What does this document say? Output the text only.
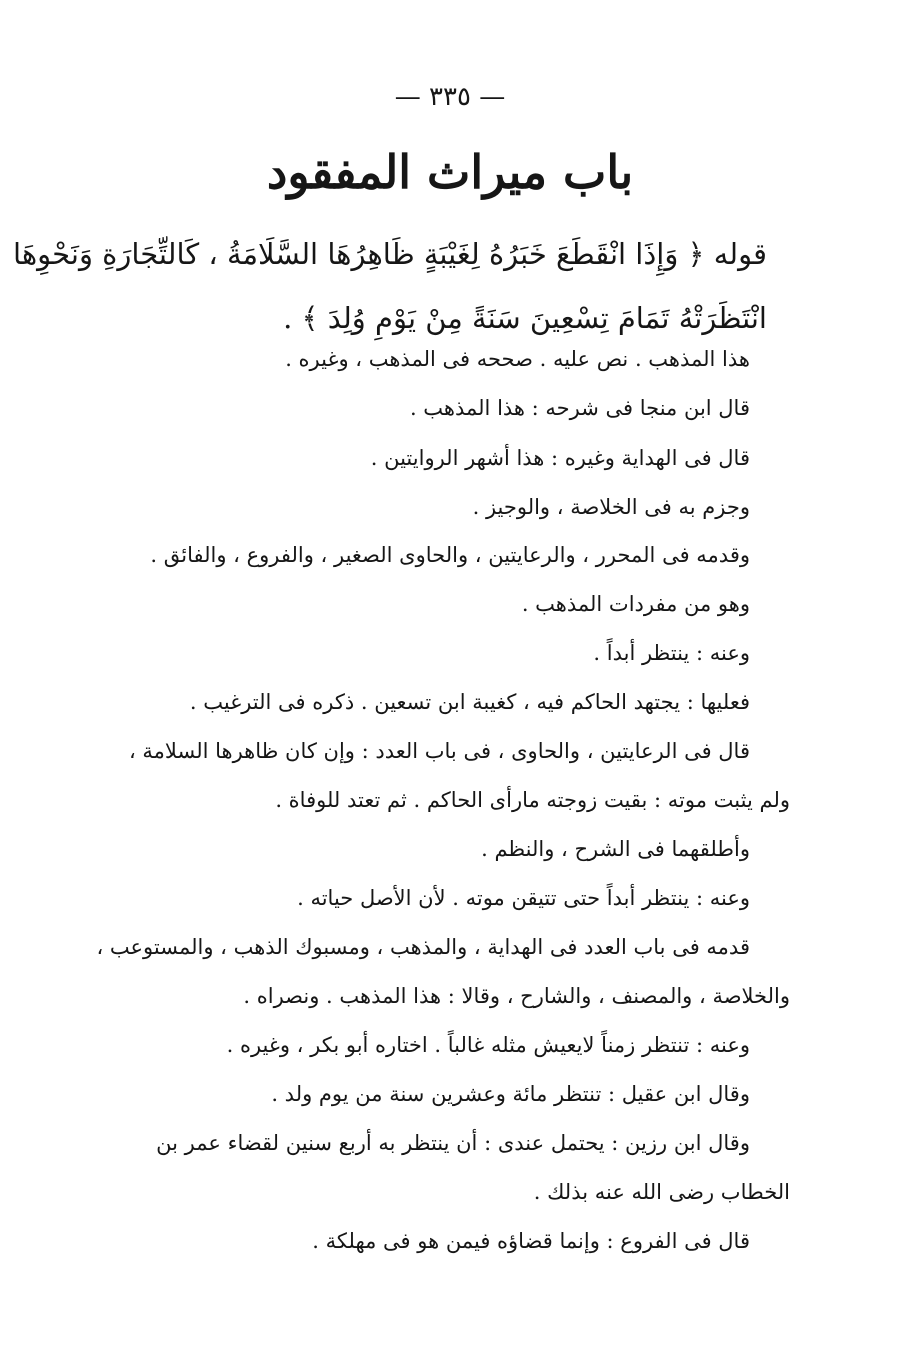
— ٣٣٥ —
باب ميراث المفقود
قوله ﴿ وَإِذَا انْقَطَعَ خَبَرُهُ لِغَيْبَةٍ ظَاهِرُهَا السَّلَامَةُ ، كَالتِّجَارَةِ وَنَحْوِهَا
انْتَظَرَتْهُ تَمَامَ تِسْعِينَ سَنَةً مِنْ يَوْمِ وُلِدَ ﴾ .
هذا المذهب . نص عليه . صححه فى المذهب ، وغيره .
قال ابن منجا فى شرحه : هذا المذهب .
قال فى الهداية وغيره : هذا أشهر الروايتين .
وجزم به فى الخلاصة ، والوجيز .
وقدمه فى المحرر ، والرعايتين ، والحاوى الصغير ، والفروع ، والفائق .
وهو من مفردات المذهب .
وعنه : ينتظر أبداً .
فعليها : يجتهد الحاكم فيه ، كغيبة ابن تسعين . ذكره فى الترغيب .
قال فى الرعايتين ، والحاوى ، فى باب العدد : وإن كان ظاهرها السلامة ،
ولم يثبت موته : بقيت زوجته مارأى الحاكم . ثم تعتد للوفاة .
وأطلقهما فى الشرح ، والنظم .
وعنه : ينتظر أبداً حتى تتيقن موته . لأن الأصل حياته .
قدمه فى باب العدد فى الهداية ، والمذهب ، ومسبوك الذهب ، والمستوعب ،
والخلاصة ، والمصنف ، والشارح ، وقالا : هذا المذهب . ونصراه .
وعنه : تنتظر زمناً لايعيش مثله غالباً . اختاره أبو بكر ، وغيره .
وقال ابن عقيل : تنتظر مائة وعشرين سنة من يوم ولد .
وقال ابن رزين : يحتمل عندى : أن ينتظر به أربع سنين لقضاء عمر بن
الخطاب رضى الله عنه بذلك .
قال فى الفروع : وإنما قضاؤه فيمن هو فى مهلكة .
